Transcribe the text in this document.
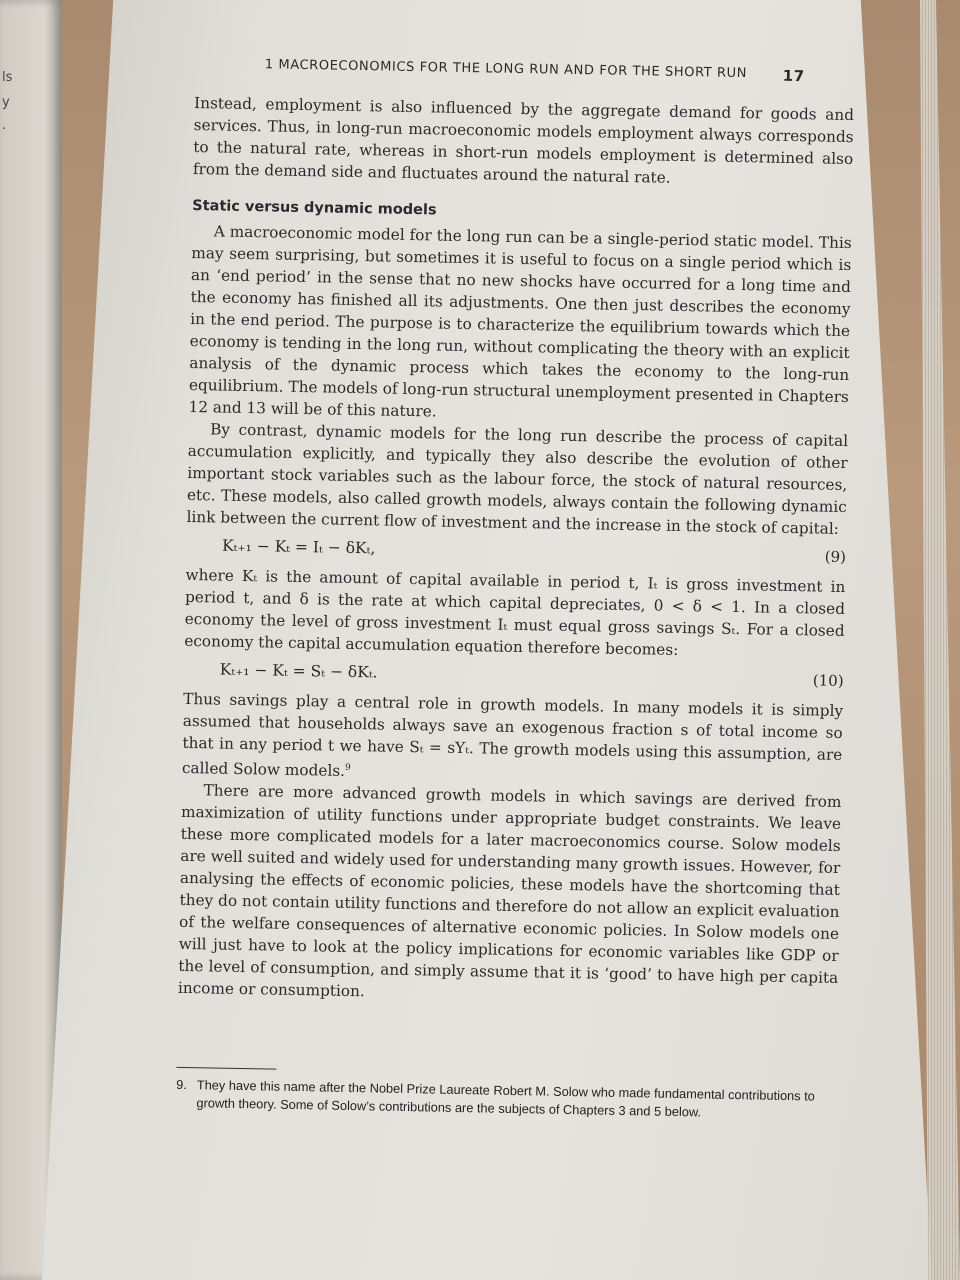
ls
y
.
1 MACROECONOMICS FOR THE LONG RUN AND FOR THE SHORT RUN 17

Instead, employment is also influenced by the aggregate demand for goods and services. Thus, in long-run macroeconomic models employment always corresponds to the natural rate, whereas in short-run models employment is determined also from the demand side and fluctuates around the natural rate.

Static versus dynamic models

A macroeconomic model for the long run can be a single-period static model. This may seem surprising, but sometimes it is useful to focus on a single period which is an ‘end period’ in the sense that no new shocks have occurred for a long time and the economy has finished all its adjustments. One then just describes the economy in the end period. The purpose is to characterize the equilibrium towards which the economy is tending in the long run, without complicating the theory with an explicit analysis of the dynamic process which takes the economy to the long-run equilibrium. The models of long-run structural unemployment presented in Chapters 12 and 13 will be of this nature.

By contrast, dynamic models for the long run describe the process of capital accumulation explicitly, and typically they also describe the evolution of other important stock variables such as the labour force, the stock of natural resources, etc. These models, also called growth models, always contain the following dynamic link between the current flow of investment and the increase in the stock of capital:

Kₜ₊₁ − Kₜ = Iₜ − δKₜ,	(9)

where Kₜ is the amount of capital available in period t, Iₜ is gross investment in period t, and δ is the rate at which capital depreciates, 0 < δ < 1. In a closed economy the level of gross investment Iₜ must equal gross savings Sₜ. For a closed economy the capital accumulation equation therefore becomes:

Kₜ₊₁ − Kₜ = Sₜ − δKₜ.	(10)

Thus savings play a central role in growth models. In many models it is simply assumed that households always save an exogenous fraction s of total income so that in any period t we have Sₜ = sYₜ. The growth models using this assumption, are called Solow models.$^9$

There are more advanced growth models in which savings are derived from maximization of utility functions under appropriate budget constraints. We leave these more complicated models for a later macroeconomics course. Solow models are well suited and widely used for understanding many growth issues. However, for analysing the effects of economic policies, these models have the shortcoming that they do not contain utility functions and therefore do not allow an explicit evaluation of the welfare consequences of alternative economic policies. In Solow models one will just have to look at the policy implications for economic variables like GDP or the level of consumption, and simply assume that it is ‘good’ to have high per capita income or consumption.

9. They have this name after the Nobel Prize Laureate Robert M. Solow who made fundamental contributions to growth theory. Some of Solow’s contributions are the subjects of Chapters 3 and 5 below.
